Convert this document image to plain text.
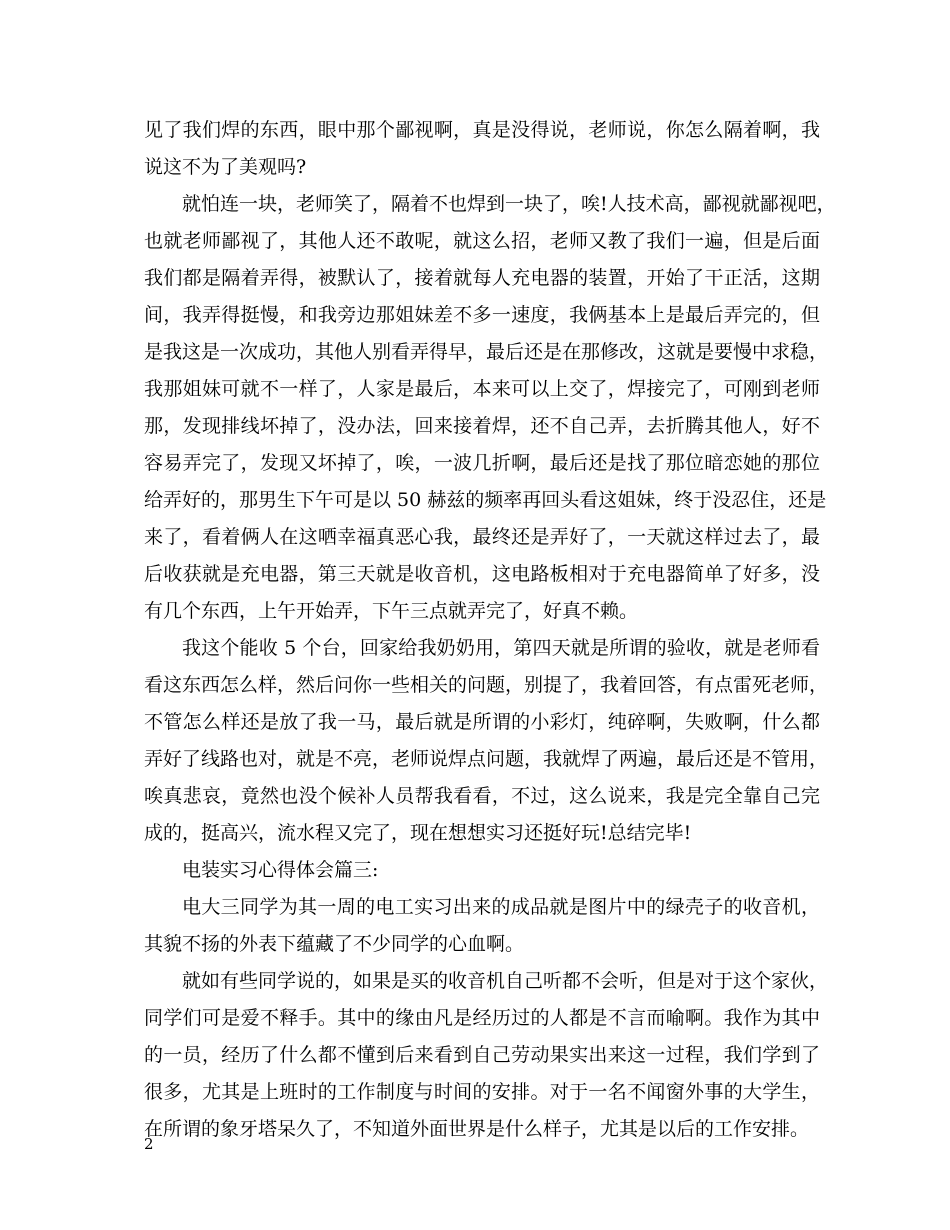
见了我们焊的东西，眼中那个鄙视啊，真是没得说，老师说，你怎么隔着啊，我
说这不为了美观吗?
就怕连一块，老师笑了，隔着不也焊到一块了，唉!人技术高，鄙视就鄙视吧，
也就老师鄙视了，其他人还不敢呢，就这么招，老师又教了我们一遍，但是后面
我们都是隔着弄得，被默认了，接着就每人充电器的装置，开始了干正活，这期
间，我弄得挺慢，和我旁边那姐妹差不多一速度，我俩基本上是最后弄完的，但
是我这是一次成功，其他人别看弄得早，最后还是在那修改，这就是要慢中求稳，
我那姐妹可就不一样了，人家是最后，本来可以上交了，焊接完了，可刚到老师
那，发现排线坏掉了，没办法，回来接着焊，还不自己弄，去折腾其他人，好不
容易弄完了，发现又坏掉了，唉，一波几折啊，最后还是找了那位暗恋她的那位
给弄好的，那男生下午可是以 50 赫兹的频率再回头看这姐妹，终于没忍住，还是
来了，看着俩人在这哂幸福真恶心我，最终还是弄好了，一天就这样过去了，最
后收获就是充电器，第三天就是收音机，这电路板相对于充电器简单了好多，没
有几个东西，上午开始弄，下午三点就弄完了，好真不赖。
我这个能收 5 个台，回家给我奶奶用，第四天就是所谓的验收，就是老师看
看这东西怎么样，然后问你一些相关的问题，别提了，我着回答，有点雷死老师，
不管怎么样还是放了我一马，最后就是所谓的小彩灯，纯碎啊，失败啊，什么都
弄好了线路也对，就是不亮，老师说焊点问题，我就焊了两遍，最后还是不管用，
唉真悲哀，竟然也没个候补人员帮我看看，不过，这么说来，我是完全靠自己完
成的，挺高兴，流水程又完了，现在想想实习还挺好玩!总结完毕!
电装实习心得体会篇三:
电大三同学为其一周的电工实习出来的成品就是图片中的绿壳子的收音机，
其貌不扬的外表下蕴藏了不少同学的心血啊。
就如有些同学说的，如果是买的收音机自己听都不会听，但是对于这个家伙，
同学们可是爱不释手。其中的缘由凡是经历过的人都是不言而喻啊。我作为其中
的一员，经历了什么都不懂到后来看到自己劳动果实出来这一过程，我们学到了
很多，尤其是上班时的工作制度与时间的安排。对于一名不闻窗外事的大学生，
在所谓的象牙塔呆久了，不知道外面世界是什么样子，尤其是以后的工作安排。
2
